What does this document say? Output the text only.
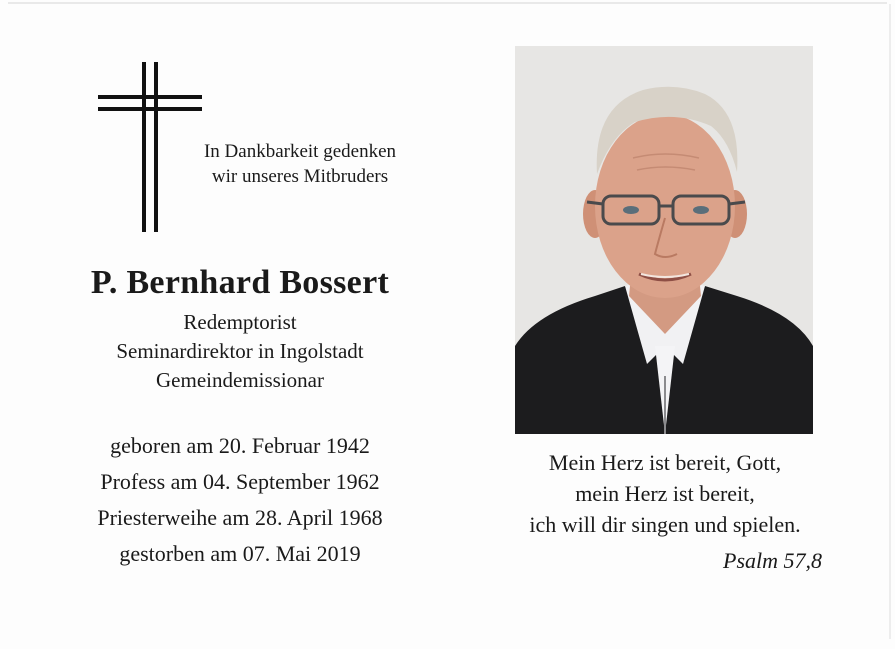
In Dankbarkeit gedenken
wir unseres Mitbruders
P. Bernhard Bossert
Redemptorist
Seminardirektor in Ingolstadt
Gemeindemissionar
geboren am 20. Februar 1942
Profess am 04. September 1962
Priesterweihe am 28. April 1968
gestorben am 07. Mai 2019
Mein Herz ist bereit, Gott,
mein Herz ist bereit,
ich will dir singen und spielen.
Psalm 57,8
